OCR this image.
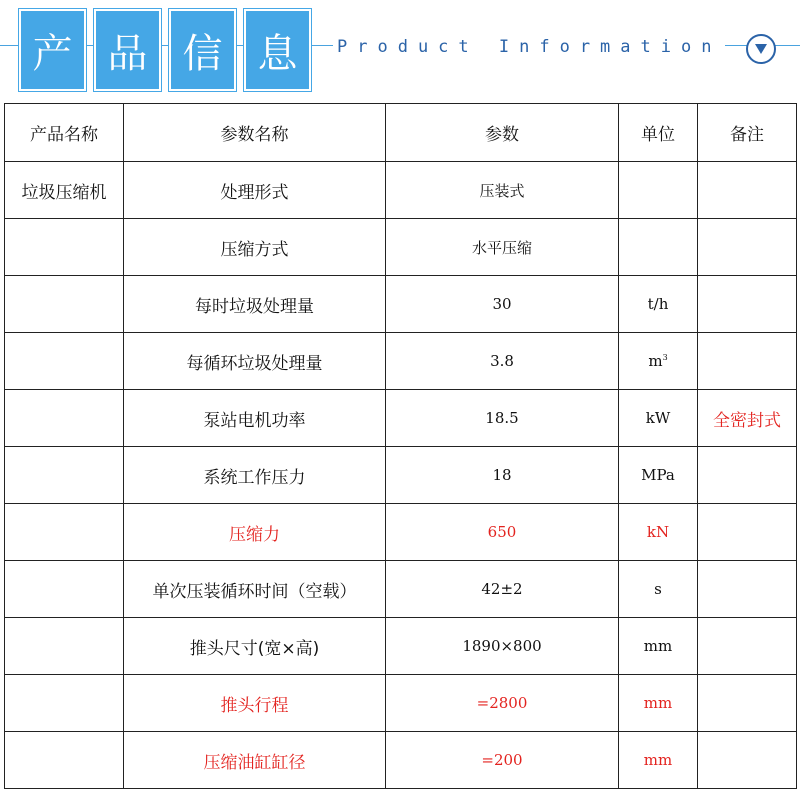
产 品 信 息	Product Information
产品名称	参数名称	参数	单位	备注
垃圾压缩机	处理形式	压装式		
	压缩方式	水平压缩		
	每时垃圾处理量	30	t/h	
	每循环垃圾处理量	3.8	$m^3$	
	泵站电机功率	18.5	kW	全密封式
	系统工作压力	18	MPa	
	压缩力	650	kN	
	单次压装循环时间（空载）	42±2	s	
	推头尺寸(宽×高)	1890×800	mm	
	推头行程	=2800	mm	
	压缩油缸缸径	=200	mm	
